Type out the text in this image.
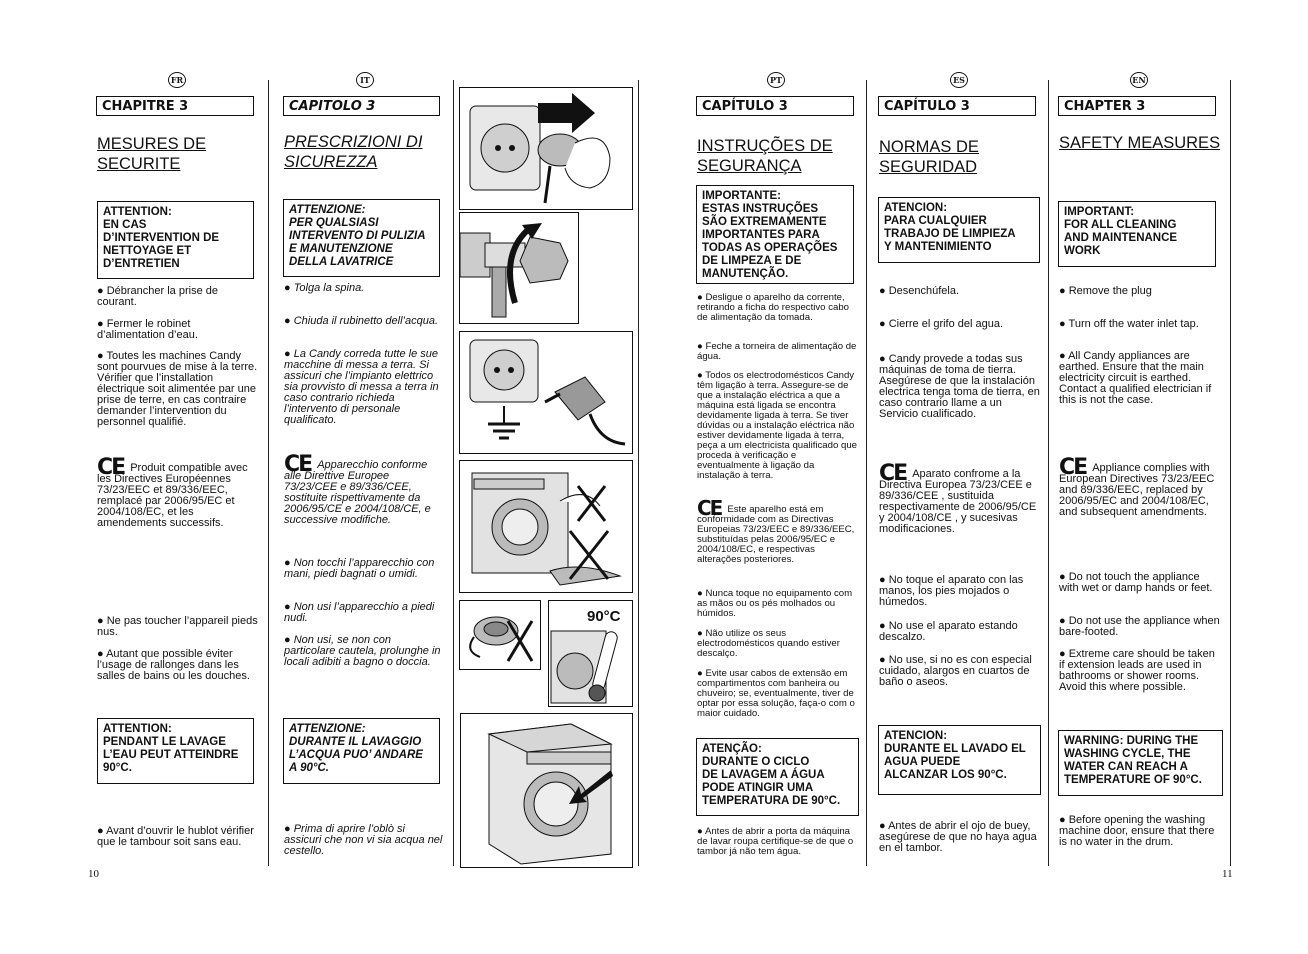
FR
CHAPITRE 3
MESURES DE
SECURITE
ATTENTION:
EN CAS
D’INTERVENTION DE
NETTOYAGE ET
D’ENTRETIEN
● Débrancher la prise de courant.
● Fermer le robinet d’alimentation d’eau.
● Toutes les machines Candy sont pourvues de mise à la terre. Vérifier que l’installation électrique soit alimentée par une prise de terre, en cas contraire demander l’intervention du personnel qualifié.
CE Produit compatible avec les Directives Européennes 73/23/EEC et 89/336/EEC, remplacé par 2006/95/EC et 2004/108/EC, et les amendements successifs.
● Ne pas toucher l’appareil pieds nus.
● Autant que possible éviter l’usage de rallonges dans les salles de bains ou les douches.
ATTENTION:
PENDANT LE LAVAGE
L’EAU PEUT ATTEINDRE
90°C.
● Avant d’ouvrir le hublot vérifier que le tambour soit sans eau.
10
IT
CAPITOLO 3
PRESCRIZIONI DI
SICUREZZA
ATTENZIONE:
PER QUALSIASI
INTERVENTO DI PULIZIA
E MANUTENZIONE
DELLA LAVATRICE
● Tolga la spina.
● Chiuda il rubinetto dell’acqua.
● La Candy correda tutte le sue macchine di messa a terra. Si assicuri che l’impianto elettrico sia provvisto di messa a terra in caso contrario richieda l’intervento di personale qualificato.
CE Apparecchio conforme alle Direttive Europee 73/23/CEE e 89/336/CEE, sostituite rispettivamente da 2006/95/CE e 2004/108/CE, e successive modifiche.
● Non tocchi l’apparecchio con mani, piedi bagnati o umidi.
● Non usi l’apparecchio a piedi nudi.
● Non usi, se non con particolare cautela, prolunghe in locali adibiti a bagno o doccia.
ATTENZIONE:
DURANTE IL LAVAGGIO
L’ACQUA PUO’ ANDARE
A 90°C.
● Prima di aprire l’oblò si assicuri che non vi sia acqua nel cestello.
90°C
PT
CAPÍTULO 3
INSTRUÇÕES DE
SEGURANÇA
IMPORTANTE:
ESTAS INSTRUÇÕES
SÃO EXTREMAMENTE
IMPORTANTES PARA
TODAS AS OPERAÇÕES
DE LIMPEZA E DE
MANUTENÇÃO.
● Desligue o aparelho da corrente, retirando a ficha do respectivo cabo de alimentação da tomada.
● Feche a torneira de alimentação de água.
● Todos os electrodomésticos Candy têm ligação à terra. Assegure-se de que a instalação eléctrica a que a máquina está ligada se encontra devidamente ligada à terra. Se tiver dúvidas ou a instalação eléctrica não estiver devidamente ligada à terra, peça a um electricista qualificado que proceda à verificação e eventualmente à ligação da instalação à terra.
CE Este aparelho está em conformidade com as Directivas Europeias 73/23/EEC e 89/336/EEC, substituídas pelas 2006/95/EC e 2004/108/EC, e respectivas alterações posteriores.
● Nunca toque no equipamento com as mãos ou os pés molhados ou húmidos.
● Não utilize os seus electrodomésticos quando estiver descalço.
● Evite usar cabos de extensão em compartimentos com banheira ou chuveiro; se, eventualmente, tiver de optar por essa solução, faça-o com o maior cuidado.
ATENÇÃO:
DURANTE O CICLO
DE LAVAGEM A ÁGUA
PODE ATINGIR UMA
TEMPERATURA DE 90°C.
● Antes de abrir a porta da máquina de lavar roupa certifique-se de que o tambor já não tem água.
ES
CAPÍTULO 3
NORMAS DE
SEGURIDAD
ATENCION:
PARA CUALQUIER
TRABAJO DE LIMPIEZA
Y MANTENIMIENTO
● Desenchúfela.
● Cierre el grifo del agua.
● Candy provede a todas sus máquinas de toma de tierra. Asegúrese de que la instalación electrica tenga toma de tierra, en caso contrario llame a un Servicio cualificado.
CE Aparato confrome a la Directiva Europea 73/23/CEE e 89/336/CEE , sustituida respectivamente de 2006/95/CE y 2004/108/CE , y sucesivas modificaciones.
● No toque el aparato con las manos, los pies mojados o húmedos.
● No use el aparato estando descalzo.
● No use, si no es con especial cuidado, alargos en cuartos de baño o aseos.
ATENCION:
DURANTE EL LAVADO EL
AGUA PUEDE
ALCANZAR LOS 90°C.
● Antes de abrir el ojo de buey, asegúrese de que no haya agua en el tambor.
EN
CHAPTER 3
SAFETY MEASURES
IMPORTANT:
FOR ALL CLEANING
AND MAINTENANCE
WORK
● Remove the plug
● Turn off the water inlet tap.
● All Candy appliances are earthed. Ensure that the main electricity circuit is earthed. Contact a qualified electrician if this is not the case.
CE Appliance complies with European Directives 73/23/EEC and 89/336/EEC, replaced by 2006/95/EC and 2004/108/EC, and subsequent amendments.
● Do not touch the appliance with wet or damp hands or feet.
● Do not use the appliance when bare-footed.
● Extreme care should be taken if extension leads are used in bathrooms or shower rooms. Avoid this where possible.
WARNING: DURING THE
WASHING CYCLE, THE
WATER CAN REACH A
TEMPERATURE OF 90°C.
● Before opening the washing machine door, ensure that there is no water in the drum.
11
